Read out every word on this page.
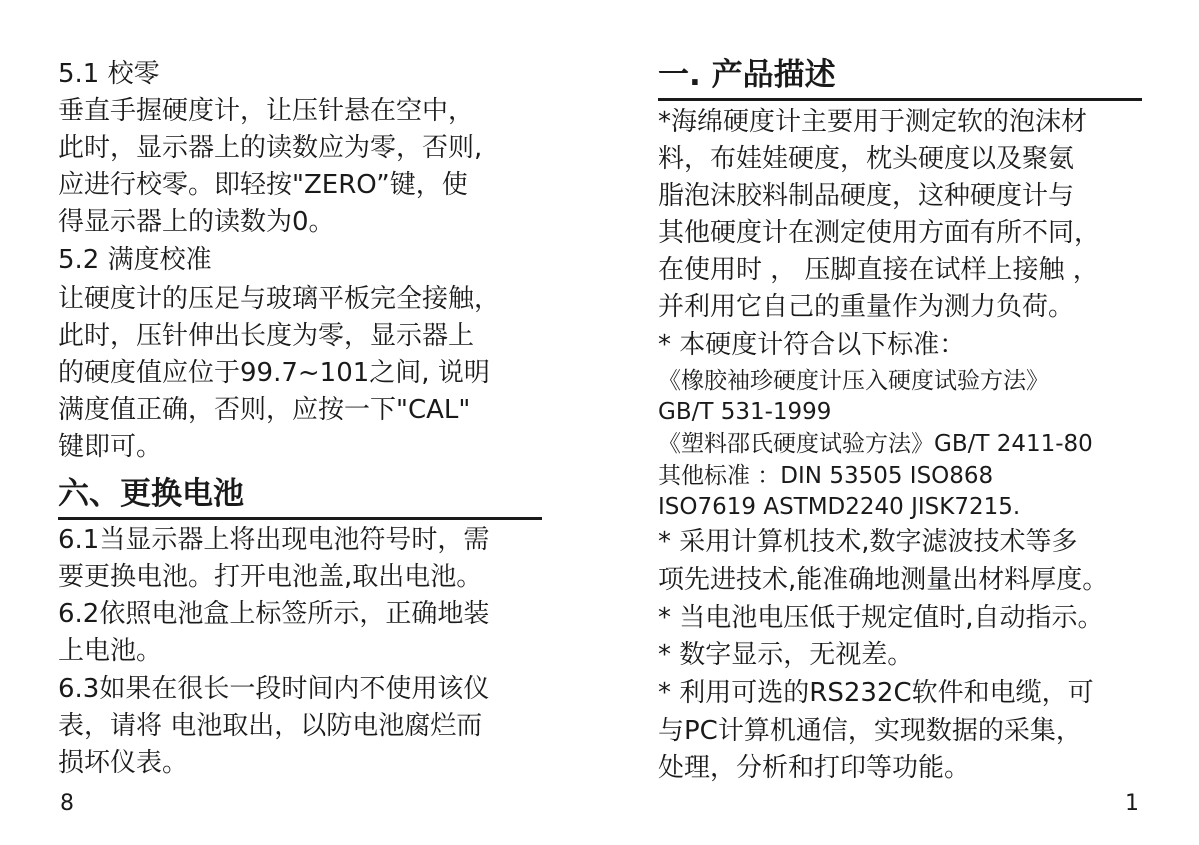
5.1 校零
垂直手握硬度计，让压针悬在空中，
此时，显示器上的读数应为零，否则,
应进行校零。即轻按"ZERO”键，使
得显示器上的读数为0。
5.2 满度校准
让硬度计的压足与玻璃平板完全接触，
此时，压针伸出长度为零，显示器上
的硬度值应位于99.7~101之间, 说明
满度值正确，否则，应按一下"CAL"
键即可。
六、更换电池
6.1当显示器上将出现电池符号时，需
要更换电池。打开电池盖,取出电池。
6.2依照电池盒上标签所示，正确地装
上电池。
6.3如果在很长一段时间内不使用该仪
表，请将 电池取出，以防电池腐烂而
损坏仪表。
8
一. 产品描述
*海绵硬度计主要用于测定软的泡沫材
料，布娃娃硬度，枕头硬度以及聚氨
脂泡沫胶料制品硬度，这种硬度计与
其他硬度计在测定使用方面有所不同，
在使用时 ， 压脚直接在试样上接触 ，
并利用它自己的重量作为测力负荷。
* 本硬度计符合以下标准：
《橡胶袖珍硬度计压入硬度试验方法》
GB/T 531-1999
《塑料邵氏硬度试验方法》GB/T 2411-80
其他标准 ：DIN 53505 ISO868
ISO7619 ASTMD2240 JISK7215.
* 采用计算机技术,数字滤波技术等多
项先进技术,能准确地测量出材料厚度。
* 当电池电压低于规定值时,自动指示。
* 数字显示，无视差。
* 利用可选的RS232C软件和电缆，可
与PC计算机通信，实现数据的采集，
处理，分析和打印等功能。
1
